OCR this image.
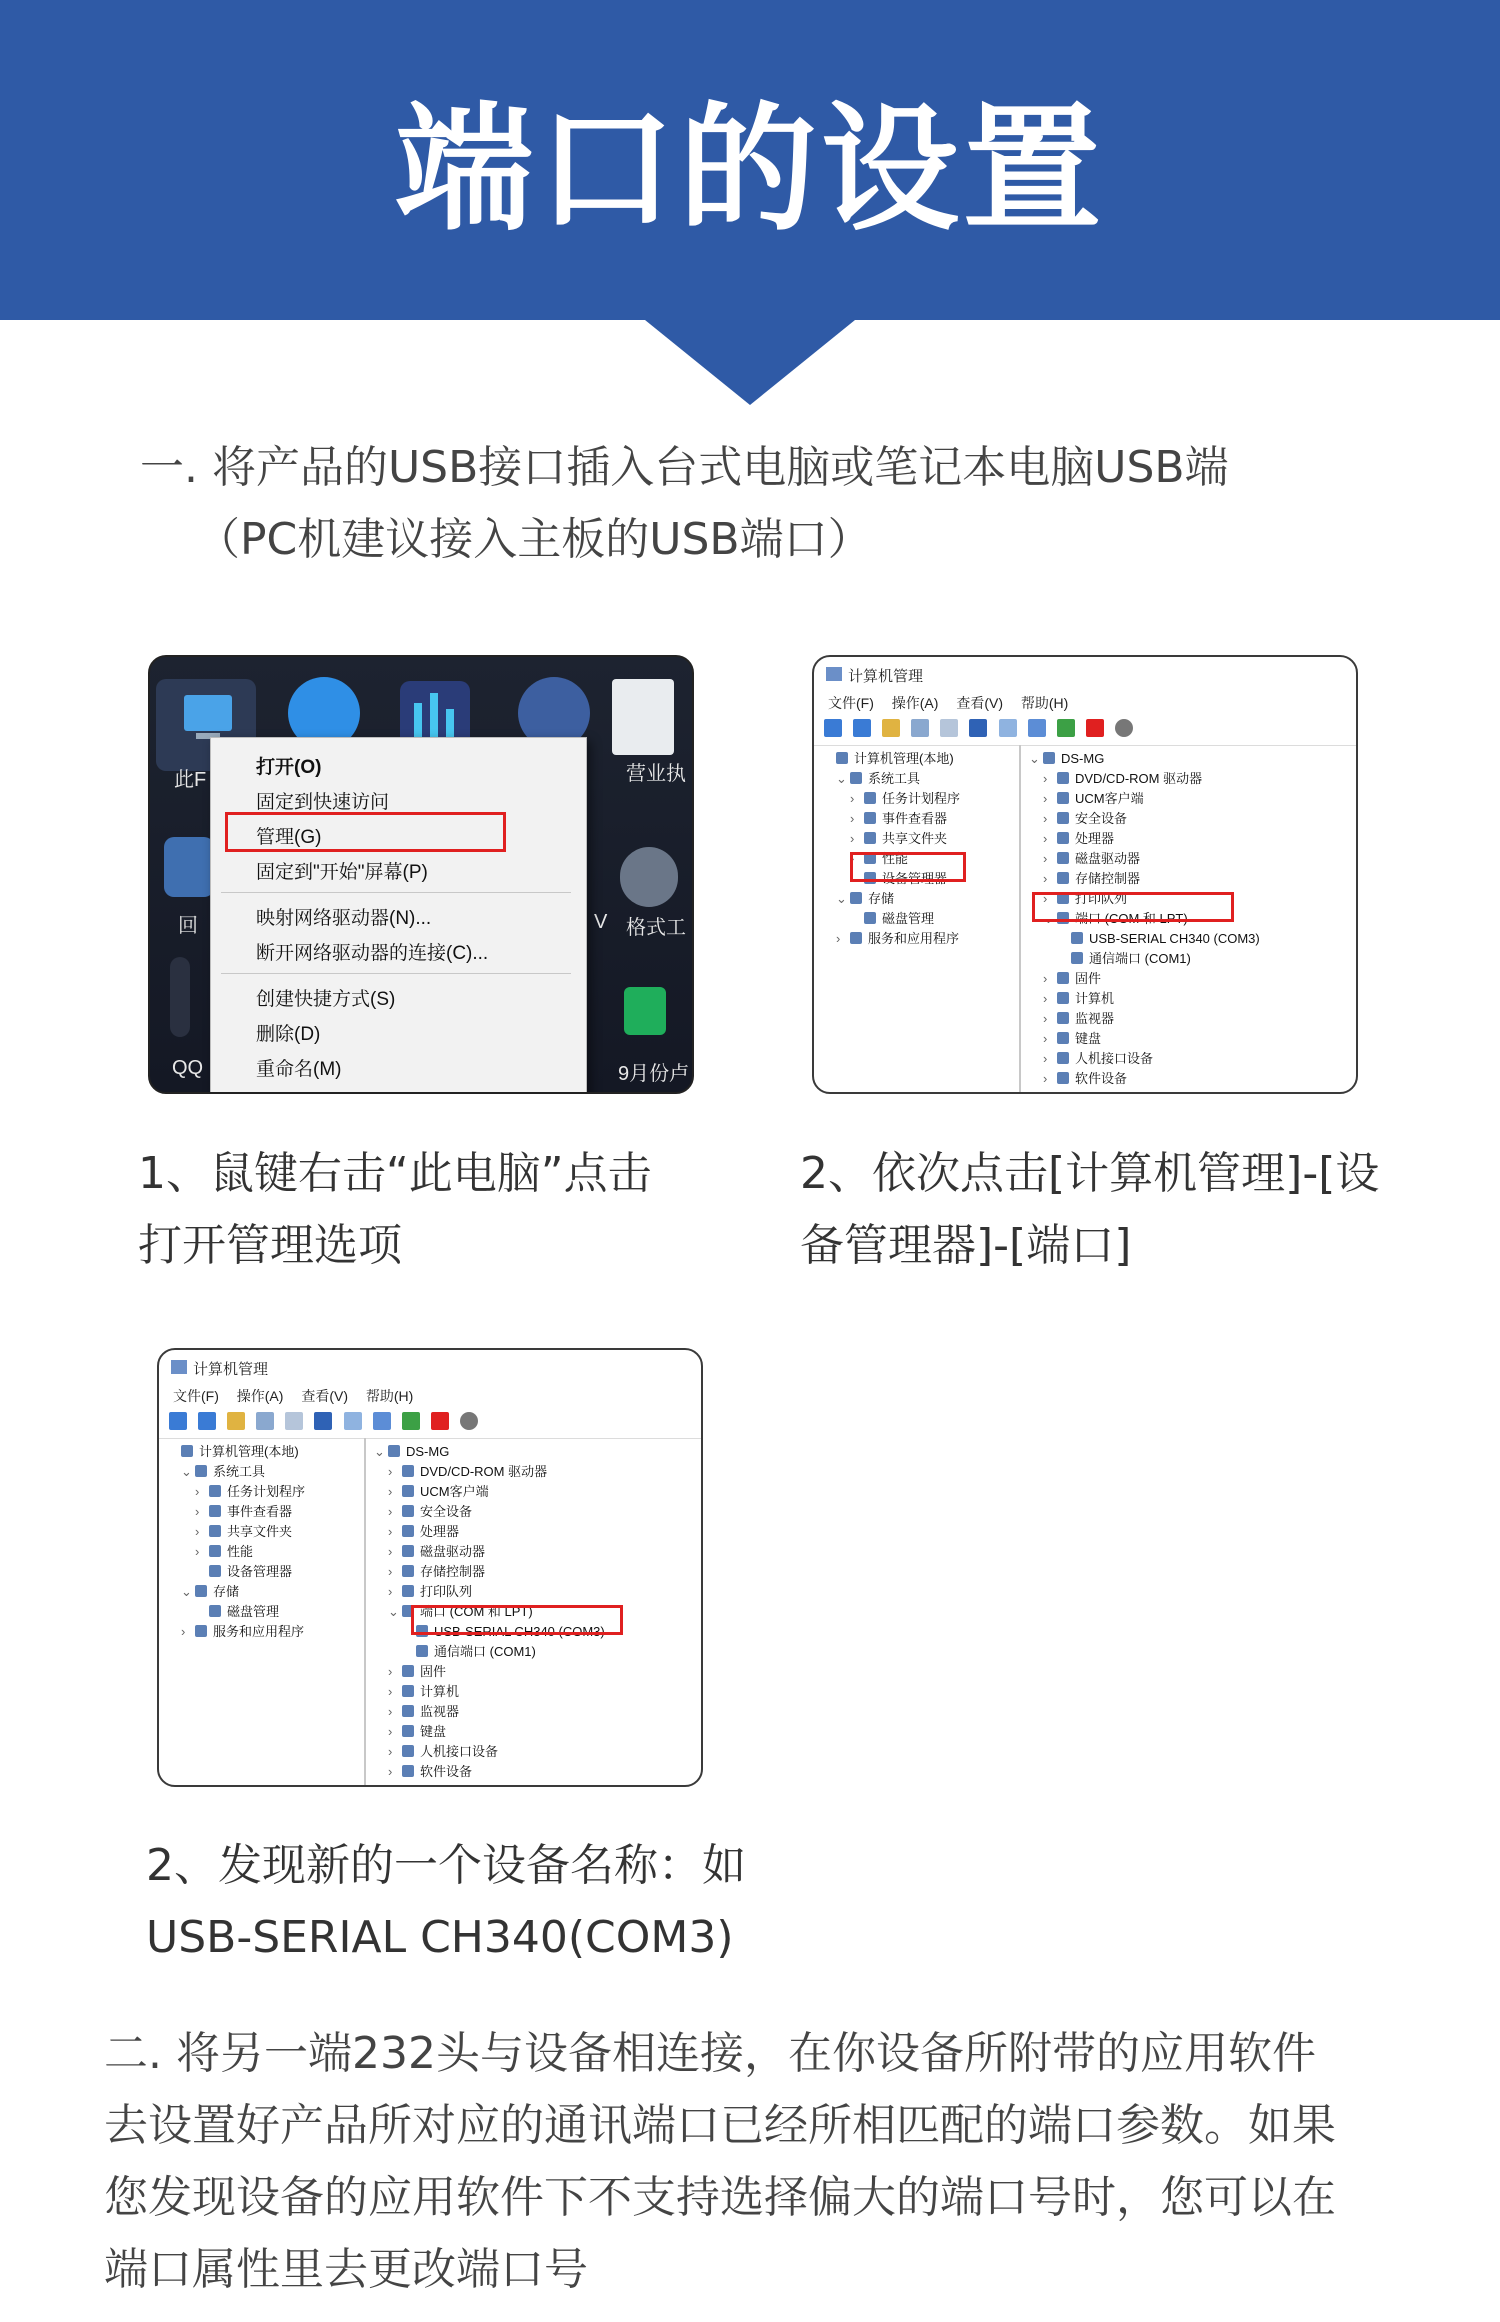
端口的设置
一. 将产品的USB接口插入台式电脑或笔记本电脑USB端
（PC机建议接入主板的USB端口）
此F
回
QQ
营业执
格式工
9月份卢
V
打开(O)
固定到快速访问
管理(G)
固定到"开始"屏幕(P)
映射网络驱动器(N)...
断开网络驱动器的连接(C)...
创建快捷方式(S)
删除(D)
重命名(M)
计算机管理
文件(F) 操作(A) 查看(V) 帮助(H)

计算机管理(本地)
⌄ 系统工具
› 任务计划程序
› 事件查看器
› 共享文件夹
› 性能
设备管理器
⌄ 存储
磁盘管理
› 服务和应用程序
⌄ DS-MG
› DVD/CD-ROM 驱动器
› UCM客户端
› 安全设备
› 处理器
› 磁盘驱动器
› 存储控制器
› 打印队列
⌄ 端口 (COM 和 LPT)
USB-SERIAL CH340 (COM3)
通信端口 (COM1)
› 固件
› 计算机
› 监视器
› 键盘
› 人机接口设备
› 软件设备
1、鼠键右击“此电脑”点击
打开管理选项
2、依次点击[计算机管理]-[设
备管理器]-[端口]
计算机管理
文件(F) 操作(A) 查看(V) 帮助(H)

计算机管理(本地)
⌄ 系统工具
› 任务计划程序
› 事件查看器
› 共享文件夹
› 性能
设备管理器
⌄ 存储
磁盘管理
› 服务和应用程序
⌄ DS-MG
› DVD/CD-ROM 驱动器
› UCM客户端
› 安全设备
› 处理器
› 磁盘驱动器
› 存储控制器
› 打印队列
⌄ 端口 (COM 和 LPT)
USB-SERIAL CH340 (COM3)
通信端口 (COM1)
› 固件
› 计算机
› 监视器
› 键盘
› 人机接口设备
› 软件设备
2、发现新的一个设备名称：如
USB-SERIAL CH340(COM3)
二. 将另一端232头与设备相连接，在你设备所附带的应用软件
去设置好产品所对应的通讯端口已经所相匹配的端口参数。如果
您发现设备的应用软件下不支持选择偏大的端口号时，您可以在
端口属性里去更改端口号
